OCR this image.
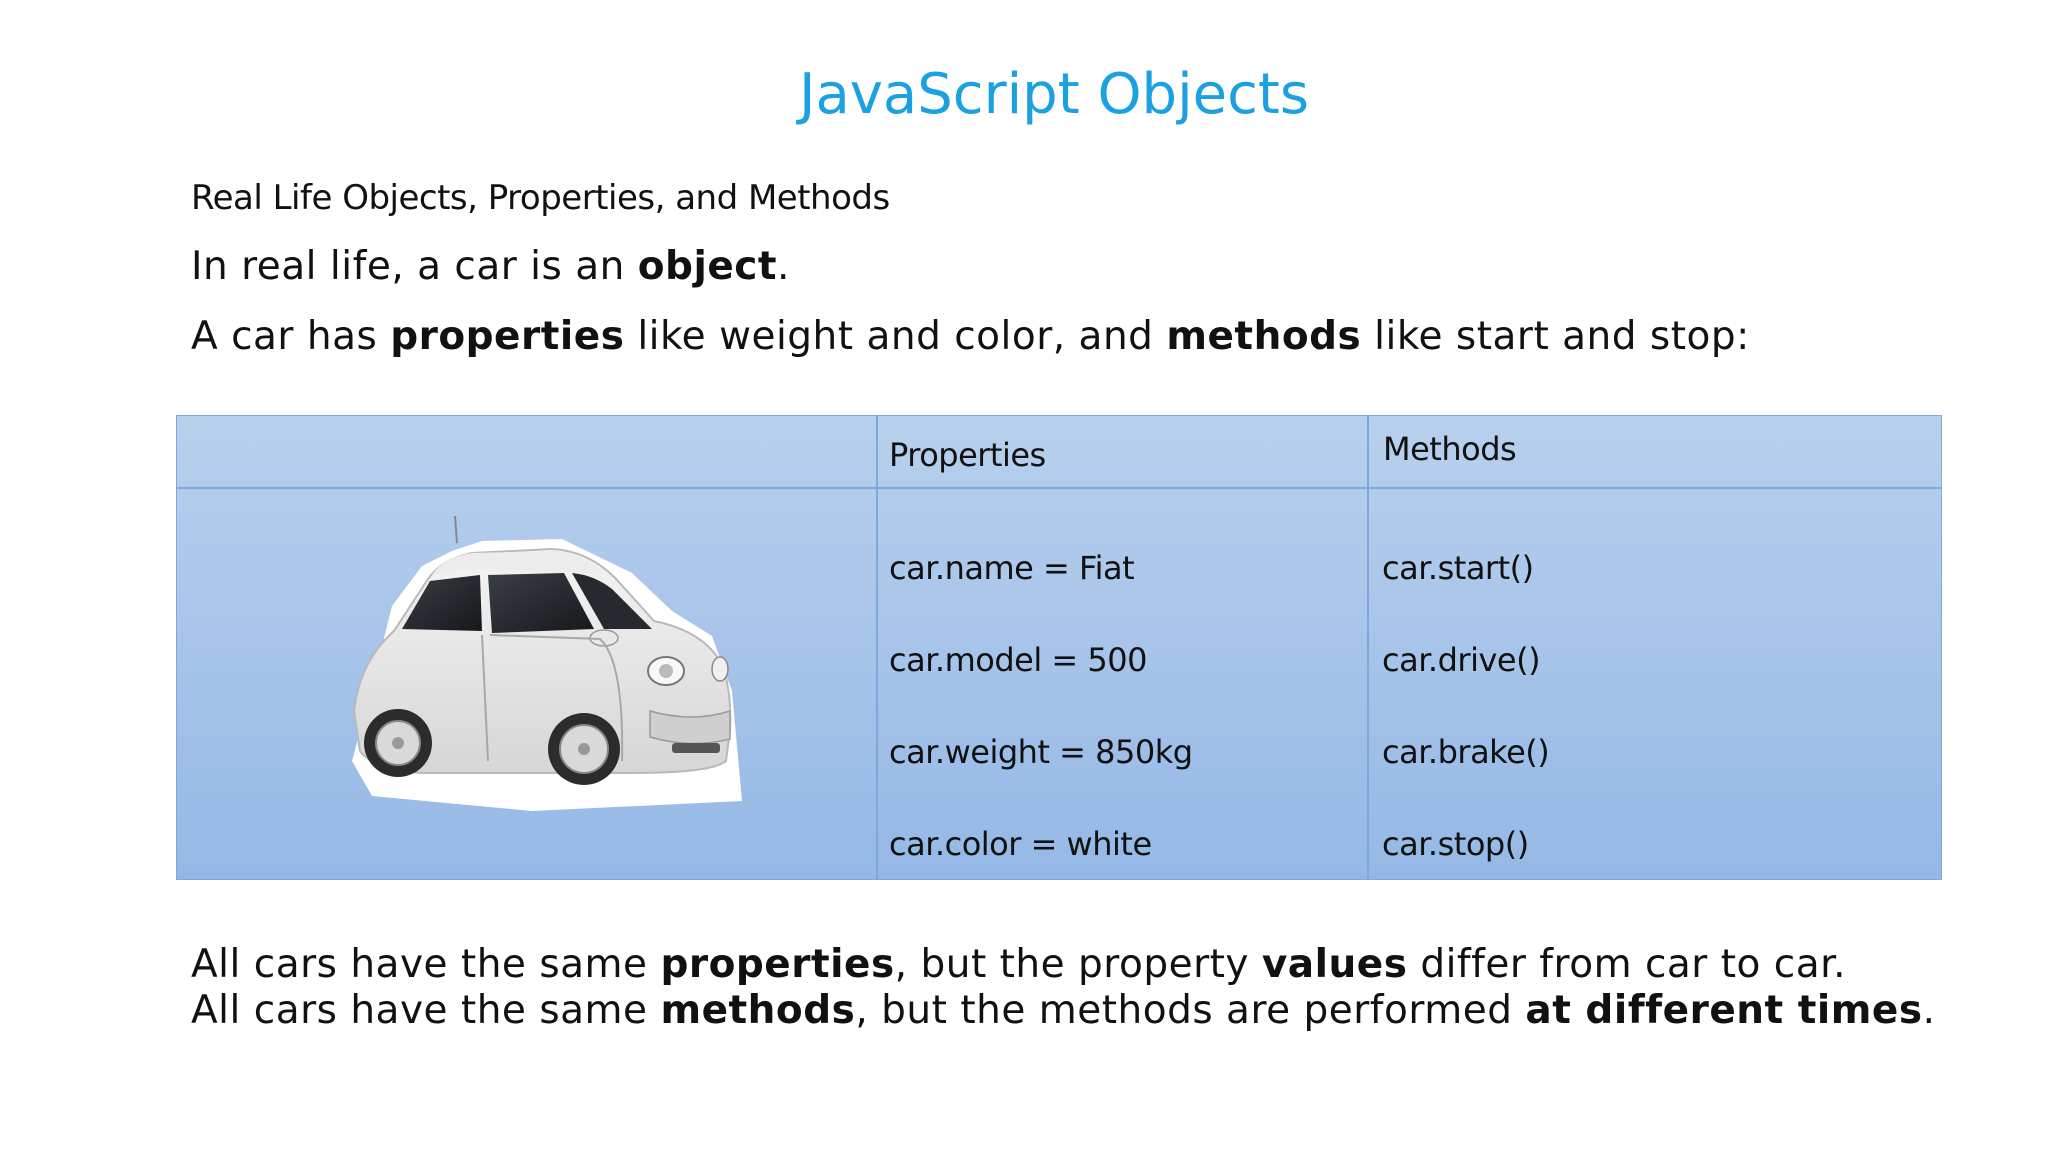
JavaScript Objects
Real Life Objects, Properties, and Methods
In real life, a car is an object.
A car has properties like weight and color, and methods like start and stop:
Properties	Methods
car.name = Fiat
car.model = 500
car.weight = 850kg
car.color = white
car.start()
car.drive()
car.brake()
car.stop()
All cars have the same properties, but the property values differ from car to car.
All cars have the same methods, but the methods are performed at different times.
